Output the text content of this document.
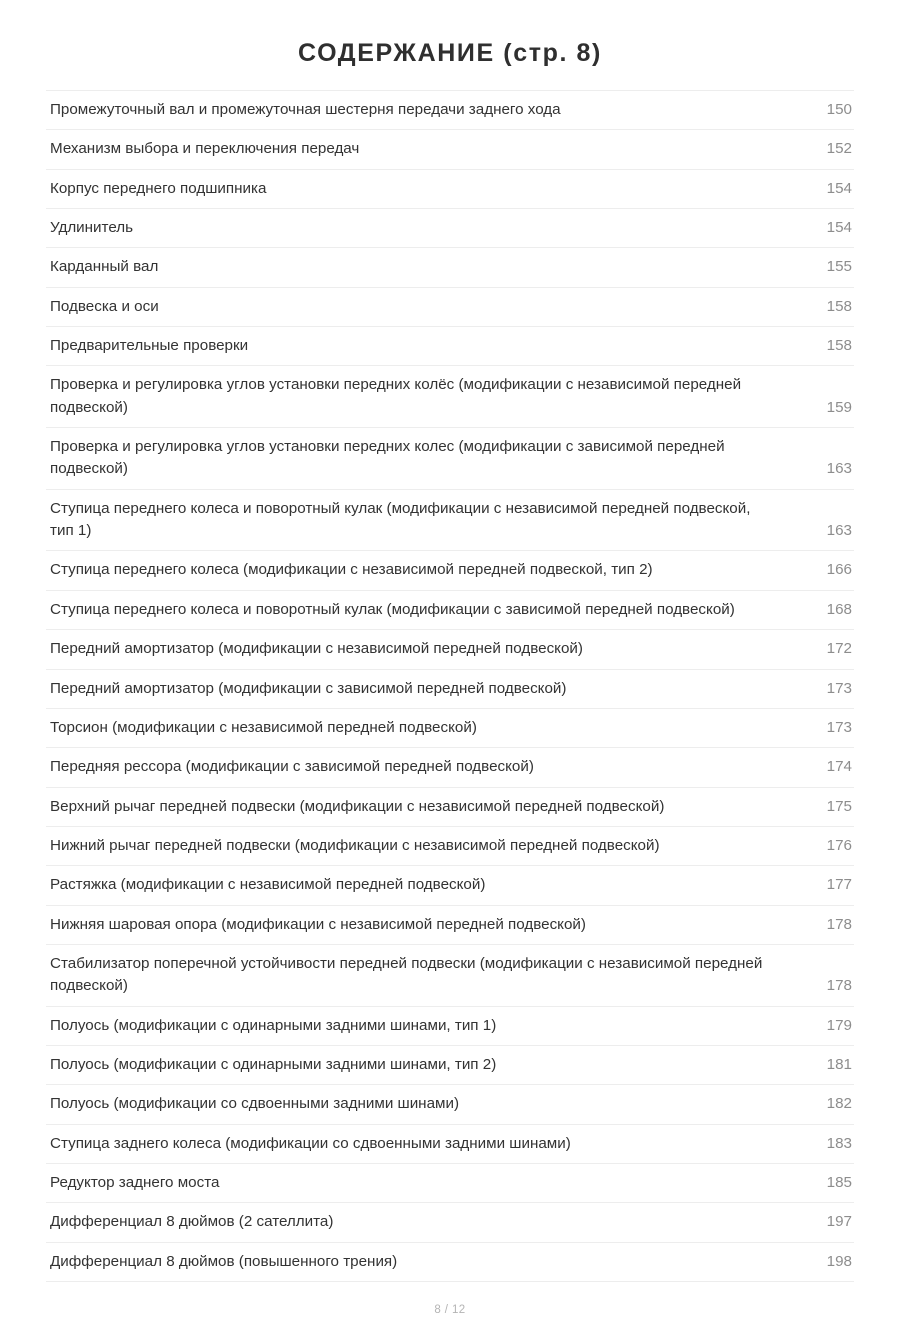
СОДЕРЖАНИЕ (стр. 8)
Промежуточный вал и промежуточная шестерня передачи заднего хода	150
Механизм выбора и переключения передач	152
Корпус переднего подшипника	154
Удлинитель	154
Карданный вал	155
Подвеска и оси	158
Предварительные проверки	158
Проверка и регулировка углов установки передних колёс (модификации с независимой передней подвеской)	159
Проверка и регулировка углов установки передних колес (модификации с зависимой передней подвеской)	163
Ступица переднего колеса и поворотный кулак (модификации с независимой передней подвеской, тип 1)	163
Ступица переднего колеса (модификации с независимой передней подвеской, тип 2)	166
Ступица переднего колеса и поворотный кулак (модификации с зависимой передней подвеской)	168
Передний амортизатор (модификации с независимой передней подвеской)	172
Передний амортизатор (модификации с зависимой передней подвеской)	173
Торсион (модификации с независимой передней подвеской)	173
Передняя рессора (модификации с зависимой передней подвеской)	174
Верхний рычаг передней подвески (модификации с независимой передней подвеской)	175
Нижний рычаг передней подвески (модификации с независимой передней подвеской)	176
Растяжка (модификации с независимой передней подвеской)	177
Нижняя шаровая опора (модификации с независимой передней подвеской)	178
Стабилизатор поперечной устойчивости передней подвески (модификации с независимой передней подвеской)	178
Полуось (модификации с одинарными задними шинами, тип 1)	179
Полуось (модификации с одинарными задними шинами, тип 2)	181
Полуось (модификации со сдвоенными задними шинами)	182
Ступица заднего колеса (модификации со сдвоенными задними шинами)	183
Редуктор заднего моста	185
Дифференциал 8 дюймов (2 сателлита)	197
Дифференциал 8 дюймов (повышенного трения)	198
8 / 12
